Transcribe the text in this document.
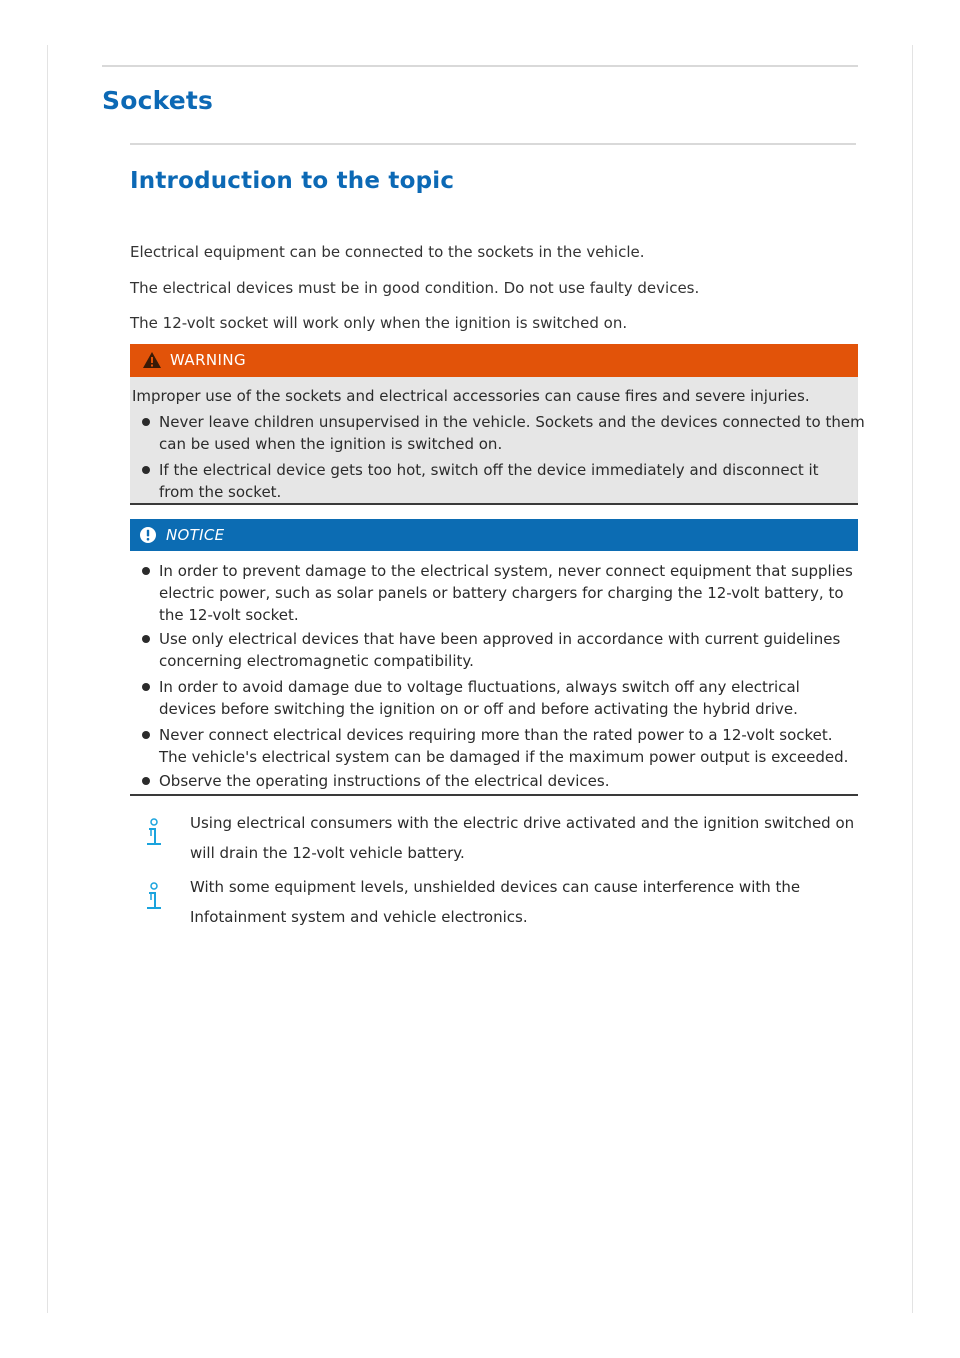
Sockets
Introduction to the topic
Electrical equipment can be connected to the sockets in the vehicle.
The electrical devices must be in good condition. Do not use faulty devices.
The 12-volt socket will work only when the ignition is switched on.
WARNING
Improper use of the sockets and electrical accessories can cause fires and severe injuries.
Never leave children unsupervised in the vehicle. Sockets and the devices connected to them
can be used when the ignition is switched on.
If the electrical device gets too hot, switch off the device immediately and disconnect it
from the socket.
NOTICE
In order to prevent damage to the electrical system, never connect equipment that supplies
electric power, such as solar panels or battery chargers for charging the 12-volt battery, to
the 12-volt socket.
Use only electrical devices that have been approved in accordance with current guidelines
concerning electromagnetic compatibility.
In order to avoid damage due to voltage fluctuations, always switch off any electrical
devices before switching the ignition on or off and before activating the hybrid drive.
Never connect electrical devices requiring more than the rated power to a 12-volt socket.
The vehicle's electrical system can be damaged if the maximum power output is exceeded.
Observe the operating instructions of the electrical devices.
Using electrical consumers with the electric drive activated and the ignition switched on
will drain the 12-volt vehicle battery.
With some equipment levels, unshielded devices can cause interference with the
Infotainment system and vehicle electronics.
